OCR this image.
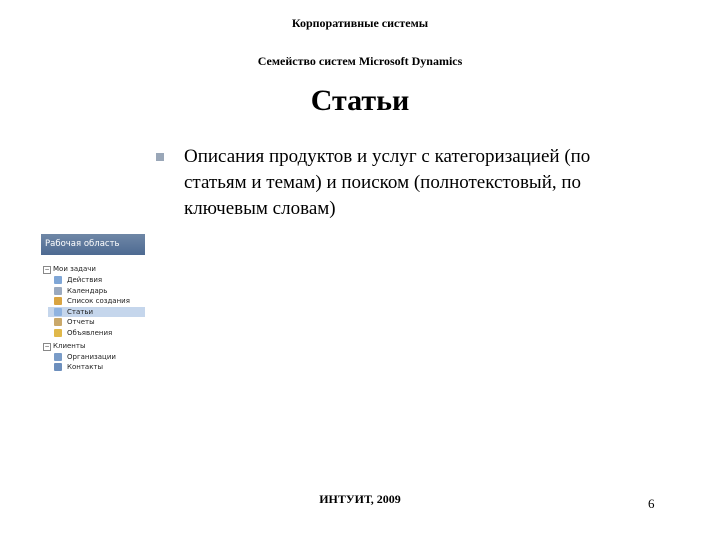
Корпоративные системы
Семейство систем Microsoft Dynamics
Статьи
Описания продуктов и услуг с категоризацией (по
статьям и темам) и поиском (полнотекстовый, по
ключевым словам)
Рабочая область
− Мои задачи
Действия
Календарь
Список создания
Статьи
Отчеты
Объявления
− Клиенты
Организации
Контакты
ИНТУИТ, 2009	6
